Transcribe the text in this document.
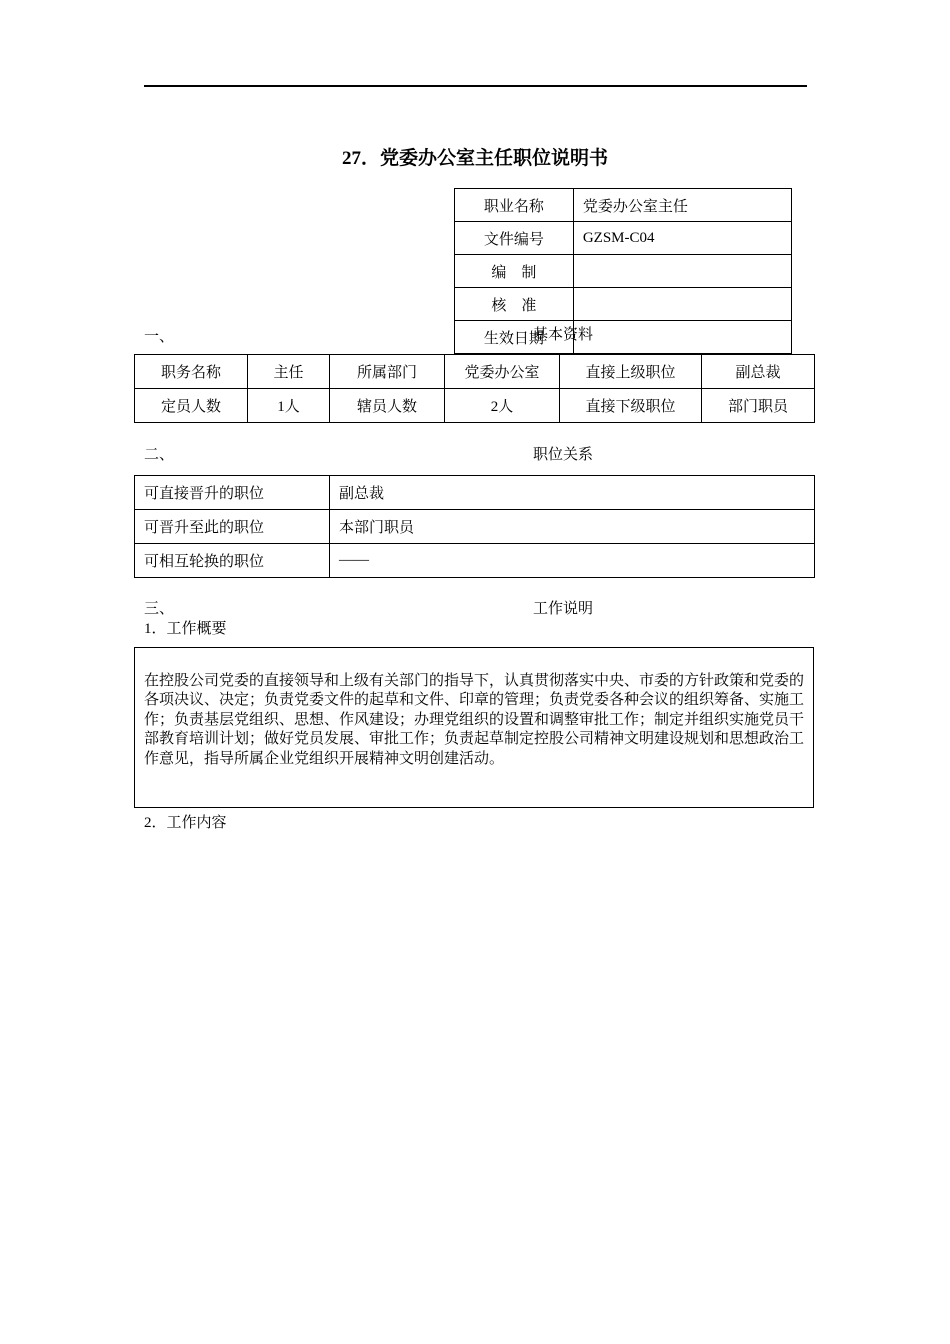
27．党委办公室主任职位说明书
职业名称	党委办公室主任
文件编号	GZSM-C04
编　制	
核　准	
生效日期	
一、	基本资料
职务名称	主任	所属部门	党委办公室	直接上级职位	副总裁
定员人数	1人	辖员人数	2人	直接下级职位	部门职员
二、	职位关系
可直接晋升的职位	副总裁
可晋升至此的职位	本部门职员
可相互轮换的职位	——
三、	工作说明
1．工作概要
在控股公司党委的直接领导和上级有关部门的指导下，认真贯彻落实中央、市委的方针政策和党委的各项决议、决定；负责党委文件的起草和文件、印章的管理；负责党委各种会议的组织筹备、实施工作；负责基层党组织、思想、作风建设；办理党组织的设置和调整审批工作；制定并组织实施党员干部教育培训计划；做好党员发展、审批工作；负责起草制定控股公司精神文明建设规划和思想政治工作意见，指导所属企业党组织开展精神文明创建活动。
2．工作内容
